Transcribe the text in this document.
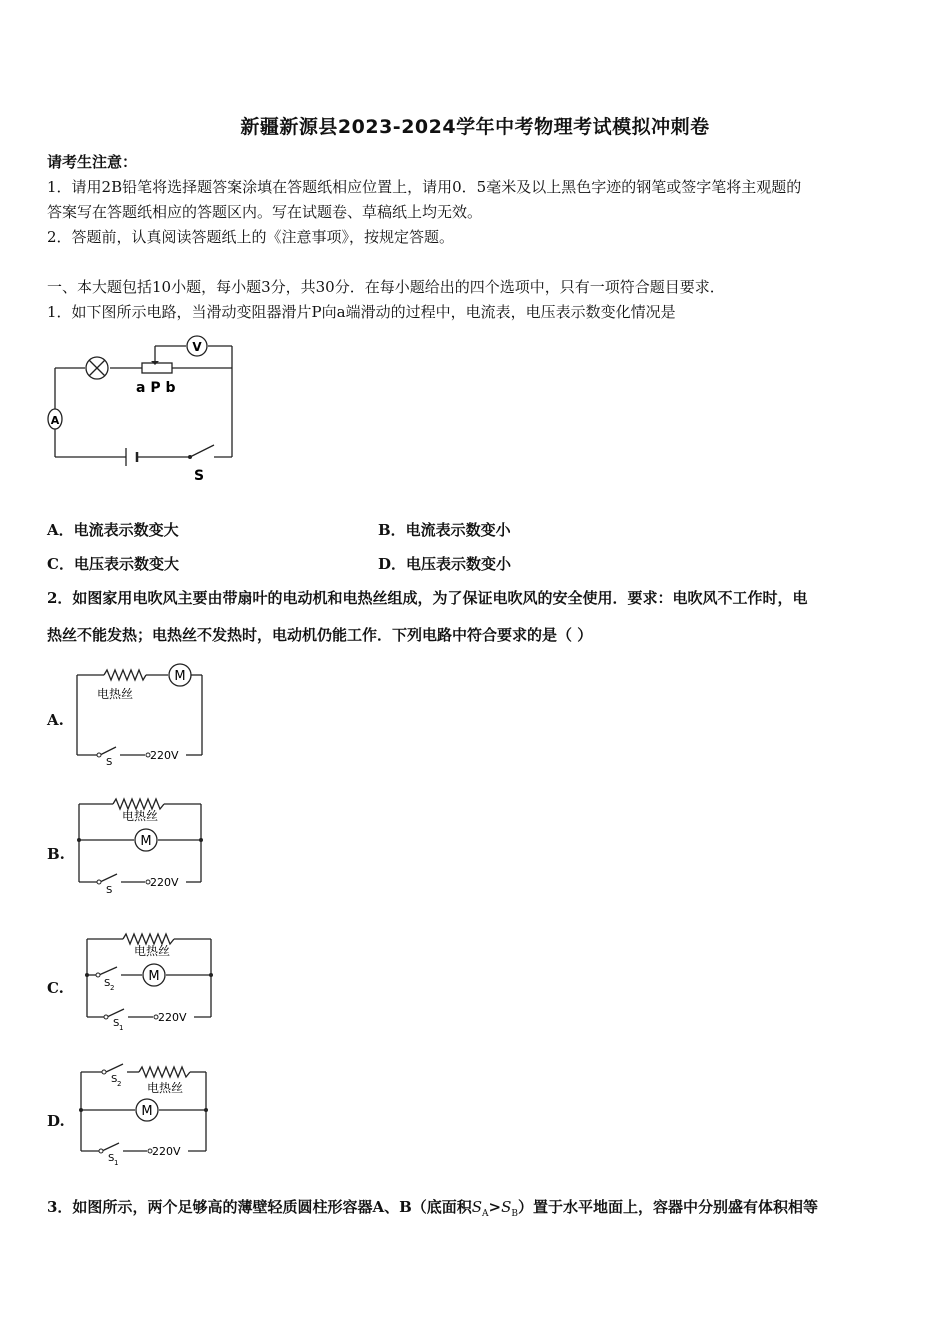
新疆新源县2023-2024学年中考物理考试模拟冲刺卷
请考生注意：
1．请用2B铅笔将选择题答案涂填在答题纸相应位置上，请用0．5毫米及以上黑色字迹的钢笔或签字笔将主观题的
答案写在答题纸相应的答题区内。写在试题卷、草稿纸上均无效。
2．答题前，认真阅读答题纸上的《注意事项》，按规定答题。
一、本大题包括10小题，每小题3分，共30分．在每小题给出的四个选项中，只有一项符合题目要求．
1．如下图所示电路，当滑动变阻器滑片P向a端滑动的过程中，电流表，电压表示数变化情况是
V
A
a P b
S
A．电流表示数变大	B．电流表示数变小
C．电压表示数变大	D．电压表示数变小
2．如图家用电吹风主要由带扇叶的电动机和电热丝组成，为了保证电吹风的安全使用．要求：电吹风不工作时，电
热丝不能发热；电热丝不发热时，电动机仍能工作．下列电路中符合要求的是（ ）
A.
B.
C.
D.
M
电热丝
S
220V
M
电热丝
S
220V
M
电热丝
S 2
S 1
220V
M
电热丝
S 2
S 1
220V
3．如图所示，两个足够高的薄壁轻质圆柱形容器A、B（底面积$S_A>S_B$）置于水平地面上，容器中分别盛有体积相等
